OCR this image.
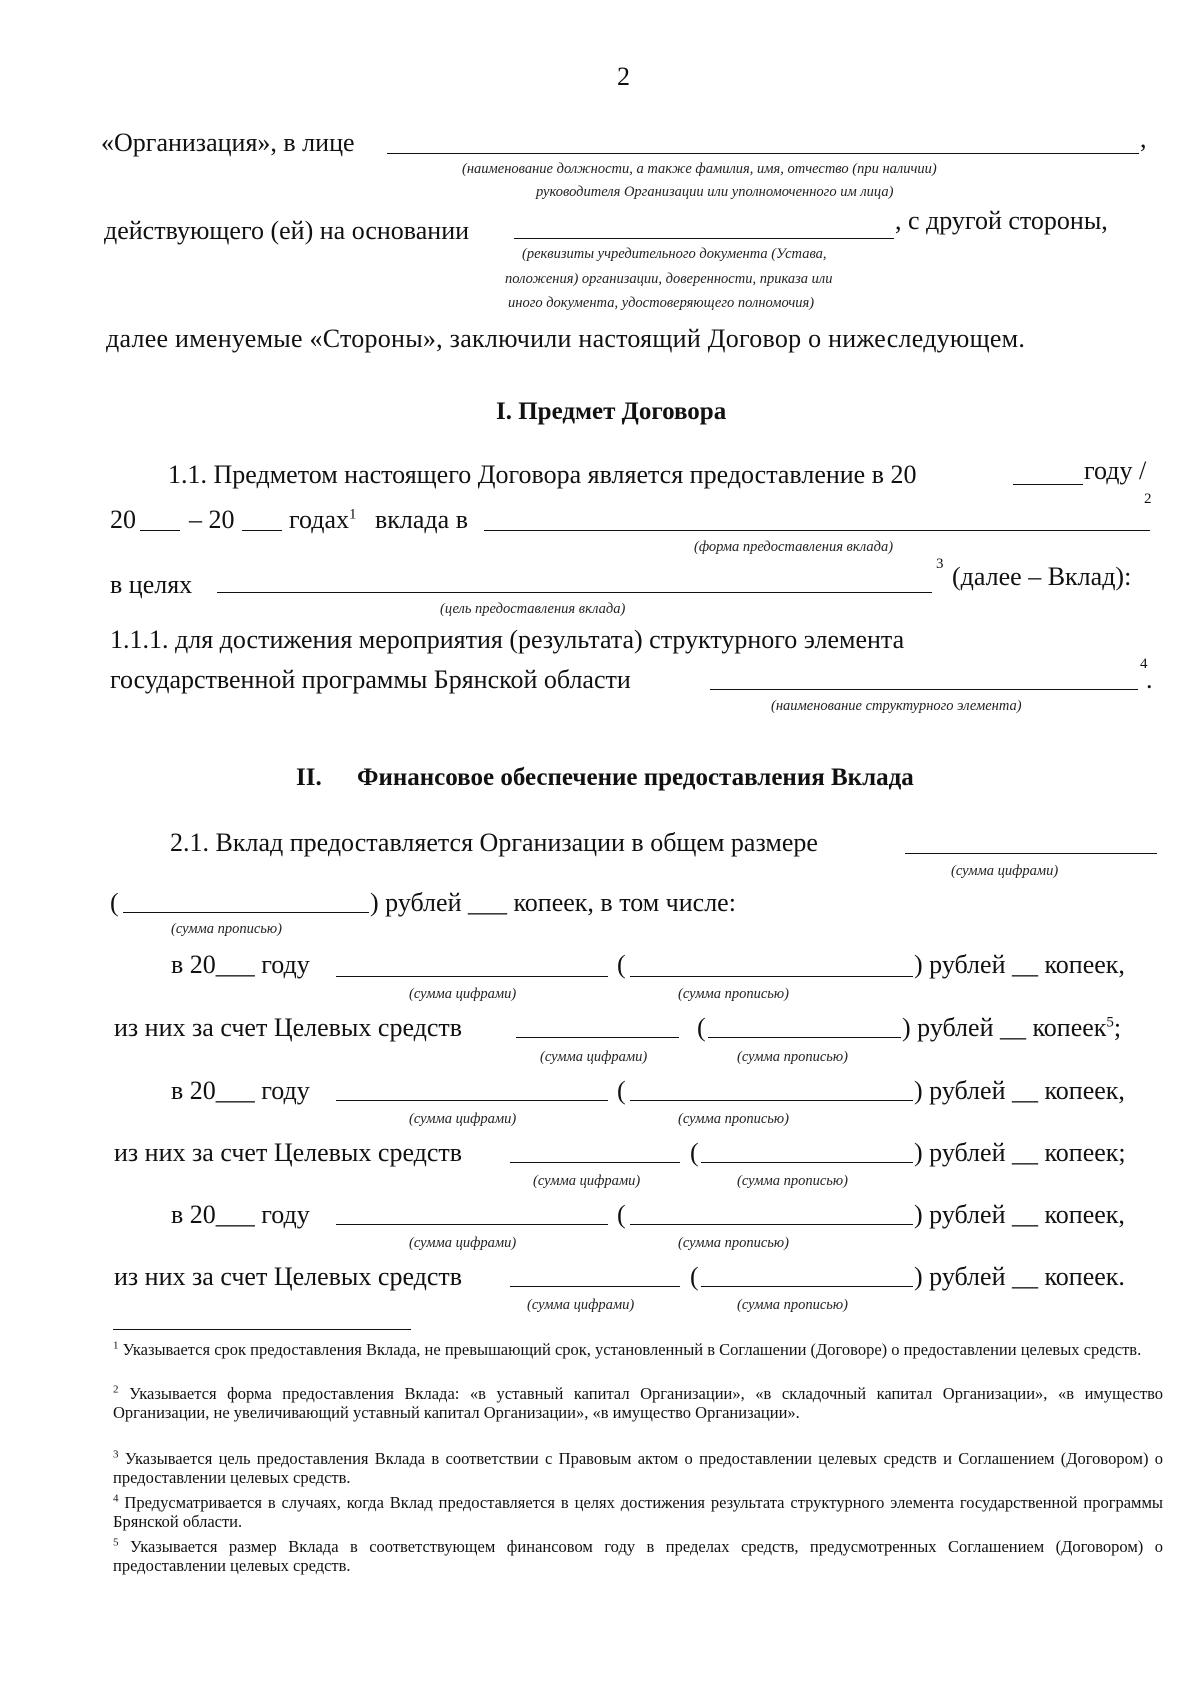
2
«Организация», в лице	,
(наименование должности, а также фамилия, имя, отчество (при наличии)
руководителя Организации или уполномоченного им лица)
действующего (ей) на основании	, с другой стороны,
(реквизиты учредительного документа (Устава,
положения) организации, доверенности, приказа или
иного документа, удостоверяющего полномочия)
далее именуемые «Стороны», заключили настоящий Договор о нижеследующем.
I. Предмет Договора
1.1. Предметом настоящего Договора является предоставление в 20	году /
2
20 – 20 годах$^1$ вклада в
(форма предоставления вклада)
в целях
3 (далее – Вклад):
(цель предоставления вклада)
1.1.1. для достижения мероприятия (результата) структурного элемента
государственной программы Брянской области
4
.
(наименование структурного элемента)
II. Финансовое обеспечение предоставления Вклада
2.1. Вклад предоставляется Организации в общем размере
(сумма цифрами)
(	) рублей ___ копеек, в том числе:
(сумма прописью)
в 20___ году	(	) рублей __ копеек,
(сумма цифрами)	(сумма прописью)
из них за счет Целевых средств	(	) рублей __ копеек$^5$;
(сумма цифрами)	(сумма прописью)
в 20___ году	(	) рублей __ копеек,
(сумма цифрами)	(сумма прописью)
из них за счет Целевых средств	(	) рублей __ копеек;
(сумма цифрами)	(сумма прописью)
в 20___ году	(	) рублей __ копеек,
(сумма цифрами)	(сумма прописью)
из них за счет Целевых средств	(	) рублей __ копеек.
(сумма цифрами)	(сумма прописью)
$^1$ Указывается срок предоставления Вклада, не превышающий срок, установленный в Соглашении (Договоре) о предоставлении целевых средств.
$^2$ Указывается форма предоставления Вклада: «в уставный капитал Организации», «в складочный капитал Организации», «в имущество Организации, не увеличивающий уставный капитал Организации», «в имущество Организации».
$^3$ Указывается цель предоставления Вклада в соответствии с Правовым актом о предоставлении целевых средств и Соглашением (Договором) о предоставлении целевых средств.
$^4$ Предусматривается в случаях, когда Вклад предоставляется в целях достижения результата структурного элемента государственной программы Брянской области.
$^5$ Указывается размер Вклада в соответствующем финансовом году в пределах средств, предусмотренных Соглашением (Договором) о предоставлении целевых средств.
